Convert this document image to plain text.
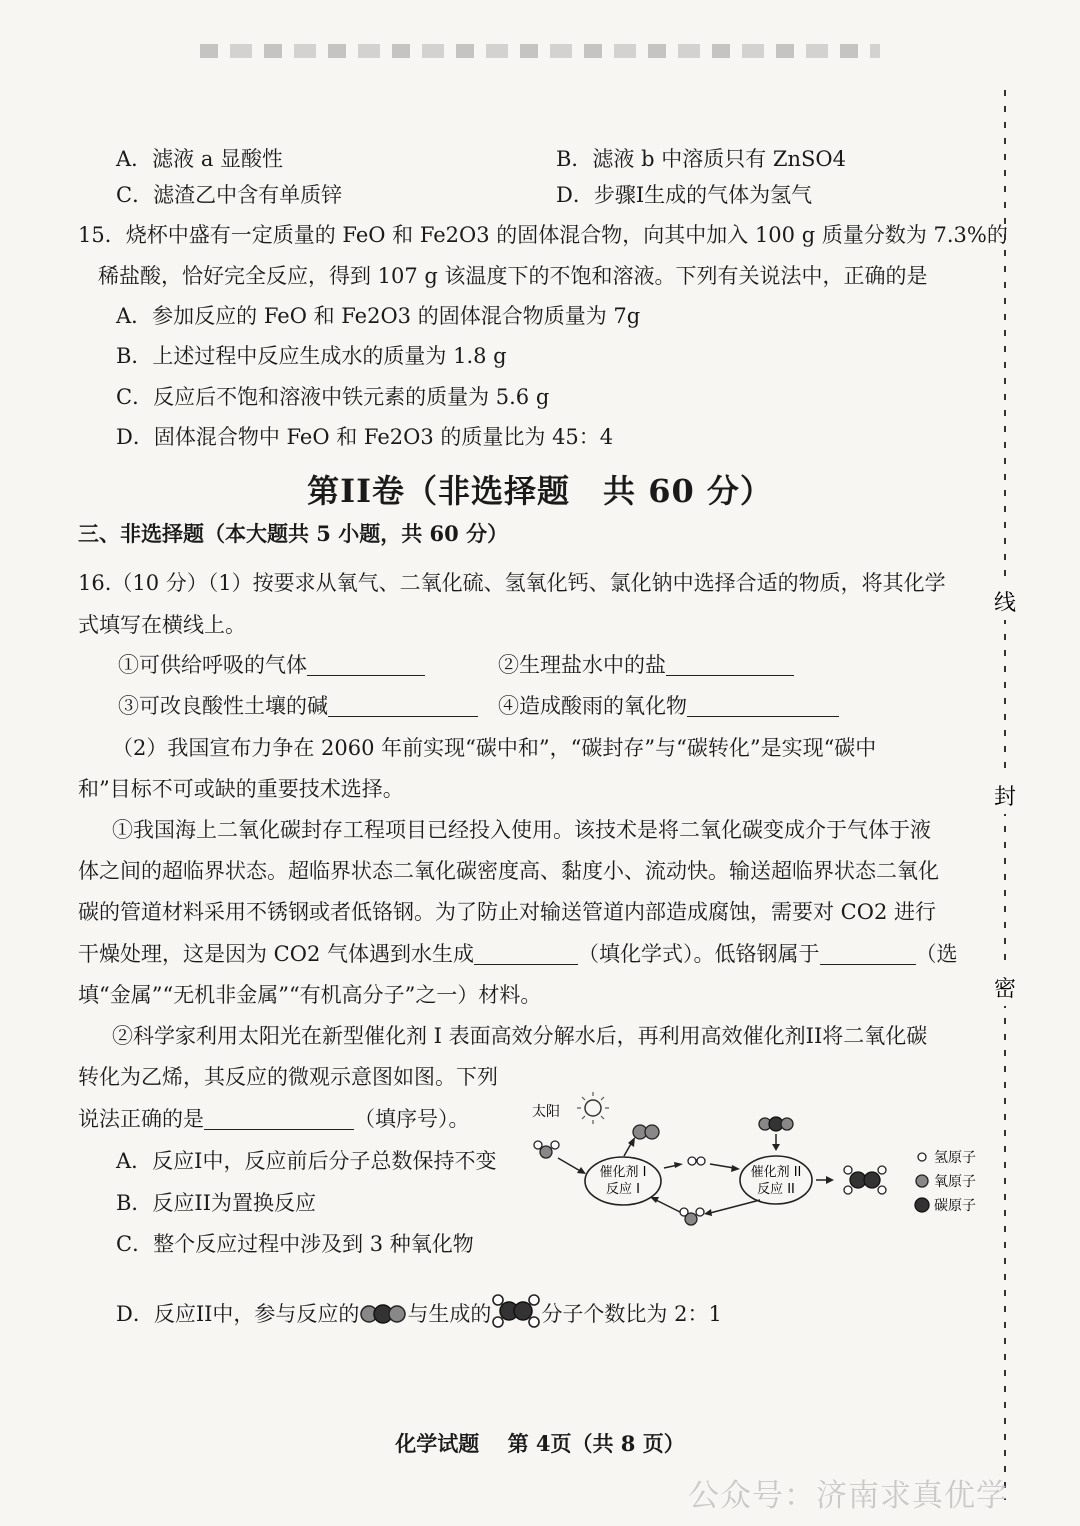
A．滤液 a 显酸性	B．滤液 b 中溶质只有 ZnSO4
C．滤渣乙中含有单质锌	D．步骤I生成的气体为氢气
15．烧杯中盛有一定质量的 FeO 和 Fe2O3 的固体混合物，向其中加入 100 g 质量分数为 7.3%的
稀盐酸，恰好完全反应，得到 107 g 该温度下的不饱和溶液。下列有关说法中，正确的是
A．参加反应的 FeO 和 Fe2O3 的固体混合物质量为 7g
B．上述过程中反应生成水的质量为 1.8 g
C．反应后不饱和溶液中铁元素的质量为 5.6 g
D．固体混合物中 FeO 和 Fe2O3 的质量比为 45：4
第II卷（非选择题　共 60 分）
三、非选择题（本大题共 5 小题，共 60 分）
16.（10 分）（1）按要求从氧气、二氧化硫、氢氧化钙、氯化钠中选择合适的物质，将其化学
式填写在横线上。
①可供给呼吸的气体	②生理盐水中的盐
③可改良酸性土壤的碱	④造成酸雨的氧化物
（2）我国宣布力争在 2060 年前实现“碳中和”，“碳封存”与“碳转化”是实现“碳中
和”目标不可或缺的重要技术选择。
①我国海上二氧化碳封存工程项目已经投入使用。该技术是将二氧化碳变成介于气体于液
体之间的超临界状态。超临界状态二氧化碳密度高、黏度小、流动快。输送超临界状态二氧化
碳的管道材料采用不锈钢或者低铬钢。为了防止对输送管道内部造成腐蚀，需要对 CO2 进行
干燥处理，这是因为 CO2 气体遇到水生成	（填化学式）。低铬钢属于	（选
填“金属”“无机非金属”“有机高分子”之一）材料。
②科学家利用太阳光在新型催化剂 I 表面高效分解水后，再利用高效催化剂II将二氧化碳
转化为乙烯，其反应的微观示意图如图。下列
说法正确的是	（填序号）。
A．反应I中，反应前后分子总数保持不变
B．反应II为置换反应
C．整个反应过程中涉及到 3 种氧化物
D．反应II中，参与反应的 与生成的 分子个数比为 2：1
太阳
催化剂 I
反应 I
催化剂 II
反应 II
氢原子
氧原子
碳原子
线
封
密
化学试题　 第 4页（共 8 页）
公众号：济南求真优学
